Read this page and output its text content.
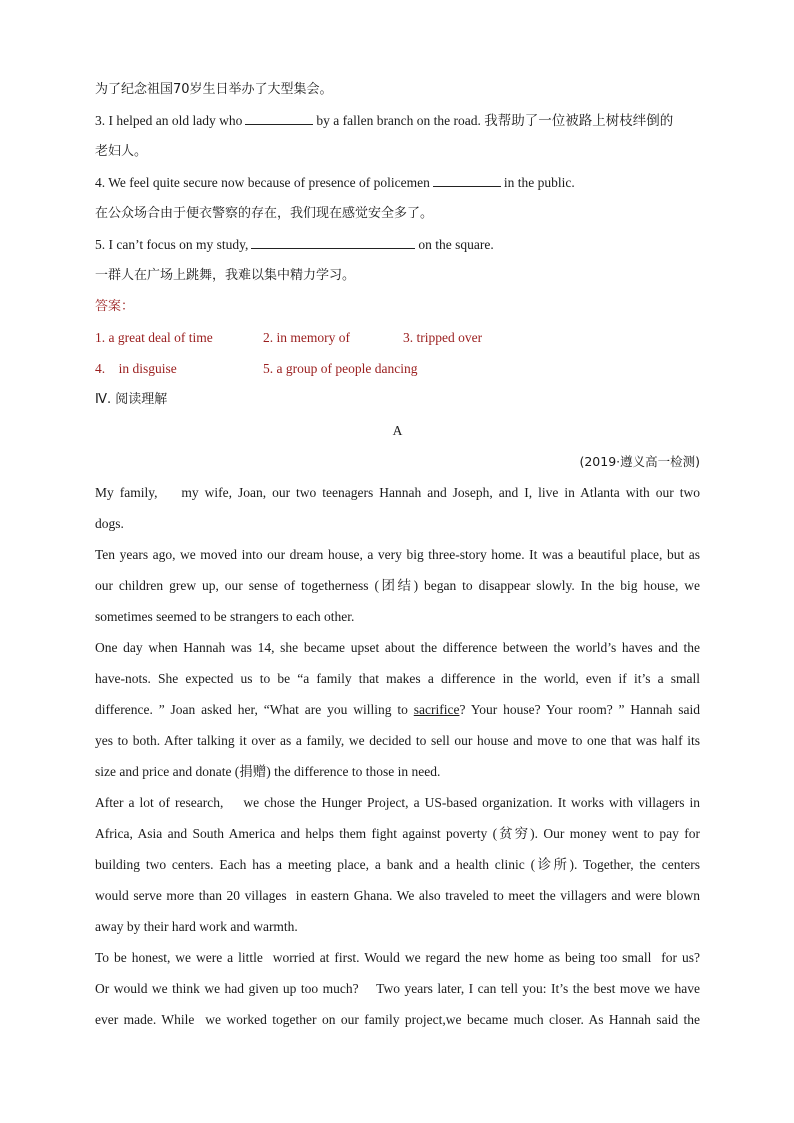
为了纪念祖国70岁生日举办了大型集会。
3. I helped an old lady who	by a fallen branch on the road. 我帮助了一位被路上树枝绊倒的
老妇人。
4. We feel quite secure now because of presence of policemen	in the public.
在公众场合由于便衣警察的存在，我们现在感觉安全多了。
5. I can’t focus on my study,	on the square.
一群人在广场上跳舞，我难以集中精力学习。
答案：
1. a great deal of time	2. in memory of	3. tripped over
4.    in disguise	5. a group of people dancing
Ⅳ. 阅读理解
A
(2019·遵义高一检测)
My family,    my wife, Joan, our two teenagers Hannah and Joseph, and I, live in Atlanta with our two
dogs.
Ten years ago, we moved into our dream house, a very big three-story home. It was a beautiful place, but as
our children grew up, our sense of togetherness (团结) began to disappear slowly. In the big house, we
sometimes seemed to be strangers to each other.
One day when Hannah was 14, she became upset about the difference between the world’s haves and the
have-nots. She expected us to be “a family that makes a difference in the world, even if it’s a small
difference. ” Joan asked her, “What are you willing to sacrifice? Your house? Your room? ” Hannah said
yes to both. After talking it over as a family, we decided to sell our house and move to one that was half its
size and price and donate (捐赠) the difference to those in need.
After a lot of research,    we chose the Hunger Project, a US-based organization. It works with villagers in
Africa, Asia and South America and helps them fight against poverty (贫穷). Our money went to pay for
building two centers. Each has a meeting place, a bank and a health clinic (诊所). Together, the centers
would serve more than 20 villages  in eastern Ghana. We also traveled to meet the villagers and were blown
away by their hard work and warmth.
To be honest, we were a little  worried at first. Would we regard the new home as being too small  for us?
Or would we think we had given up too much?    Two years later, I can tell you: It’s the best move we have
ever made. While  we worked together on our family project,we became much closer. As Hannah said the
